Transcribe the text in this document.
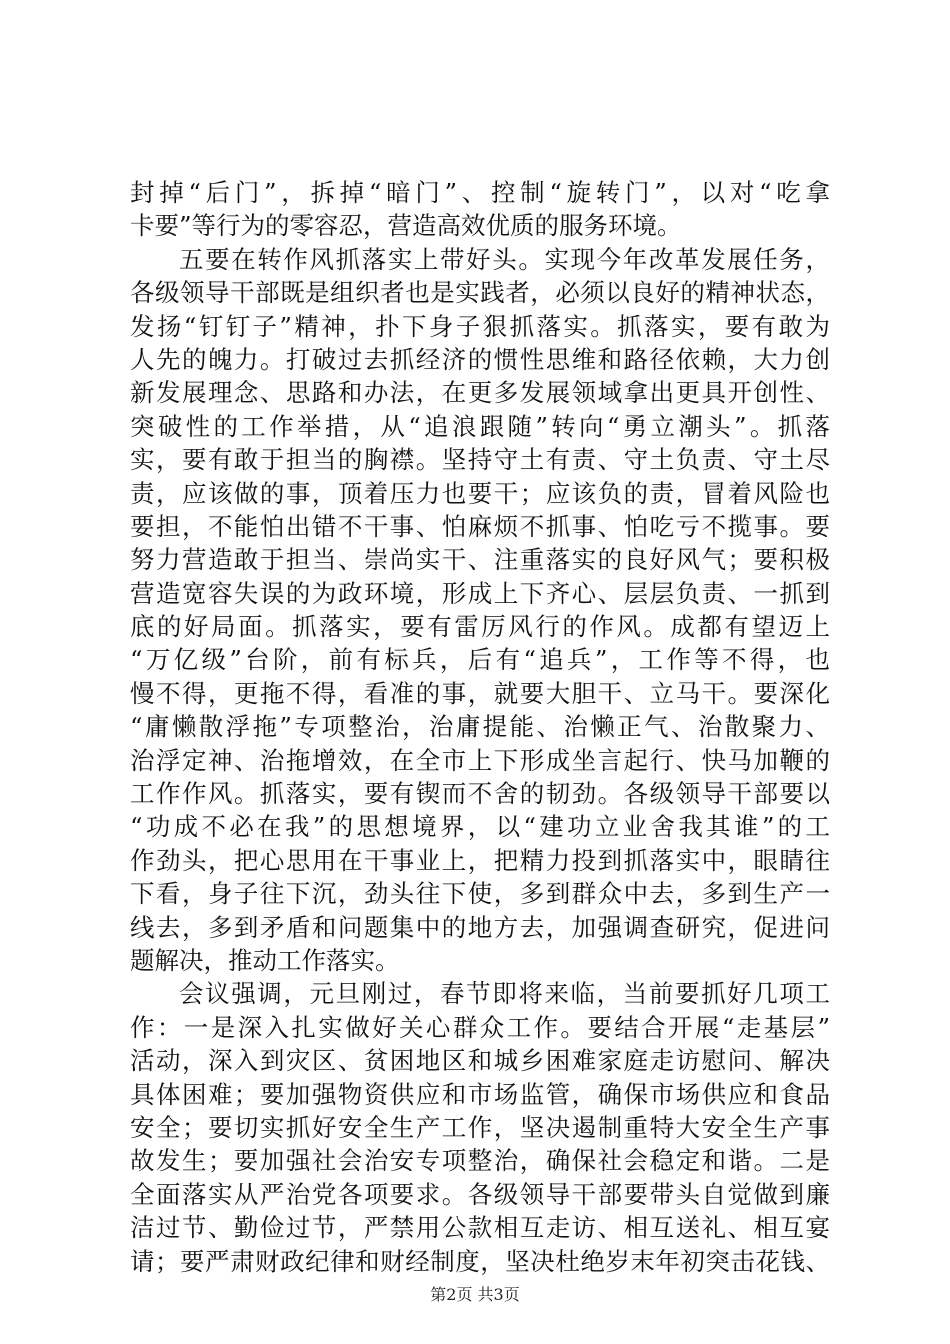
封掉“后门”，拆掉“暗门”、控制“旋转门”，以对“吃拿
卡要”等行为的零容忍，营造高效优质的服务环境。
五要在转作风抓落实上带好头。实现今年改革发展任务，
各级领导干部既是组织者也是实践者，必须以良好的精神状态，
发扬“钉钉子”精神，扑下身子狠抓落实。抓落实，要有敢为
人先的魄力。打破过去抓经济的惯性思维和路径依赖，大力创
新发展理念、思路和办法，在更多发展领域拿出更具开创性、
突破性的工作举措，从“追浪跟随”转向“勇立潮头”。抓落
实，要有敢于担当的胸襟。坚持守土有责、守土负责、守土尽
责，应该做的事，顶着压力也要干；应该负的责，冒着风险也
要担，不能怕出错不干事、怕麻烦不抓事、怕吃亏不揽事。要
努力营造敢于担当、崇尚实干、注重落实的良好风气；要积极
营造宽容失误的为政环境，形成上下齐心、层层负责、一抓到
底的好局面。抓落实，要有雷厉风行的作风。成都有望迈上
“万亿级”台阶，前有标兵，后有“追兵”，工作等不得，也
慢不得，更拖不得，看准的事，就要大胆干、立马干。要深化
“庸懒散浮拖”专项整治，治庸提能、治懒正气、治散聚力、
治浮定神、治拖增效，在全市上下形成坐言起行、快马加鞭的
工作作风。抓落实，要有锲而不舍的韧劲。各级领导干部要以
“功成不必在我”的思想境界，以“建功立业舍我其谁”的工
作劲头，把心思用在干事业上，把精力投到抓落实中，眼睛往
下看，身子往下沉，劲头往下使，多到群众中去，多到生产一
线去，多到矛盾和问题集中的地方去，加强调查研究，促进问
题解决，推动工作落实。
会议强调，元旦刚过，春节即将来临，当前要抓好几项工
作：一是深入扎实做好关心群众工作。要结合开展“走基层”
活动，深入到灾区、贫困地区和城乡困难家庭走访慰问、解决
具体困难；要加强物资供应和市场监管，确保市场供应和食品
安全；要切实抓好安全生产工作，坚决遏制重特大安全生产事
故发生；要加强社会治安专项整治，确保社会稳定和谐。二是
全面落实从严治党各项要求。各级领导干部要带头自觉做到廉
洁过节、勤俭过节，严禁用公款相互走访、相互送礼、相互宴
请；要严肃财政纪律和财经制度，坚决杜绝岁末年初突击花钱、
第2页 共3页
